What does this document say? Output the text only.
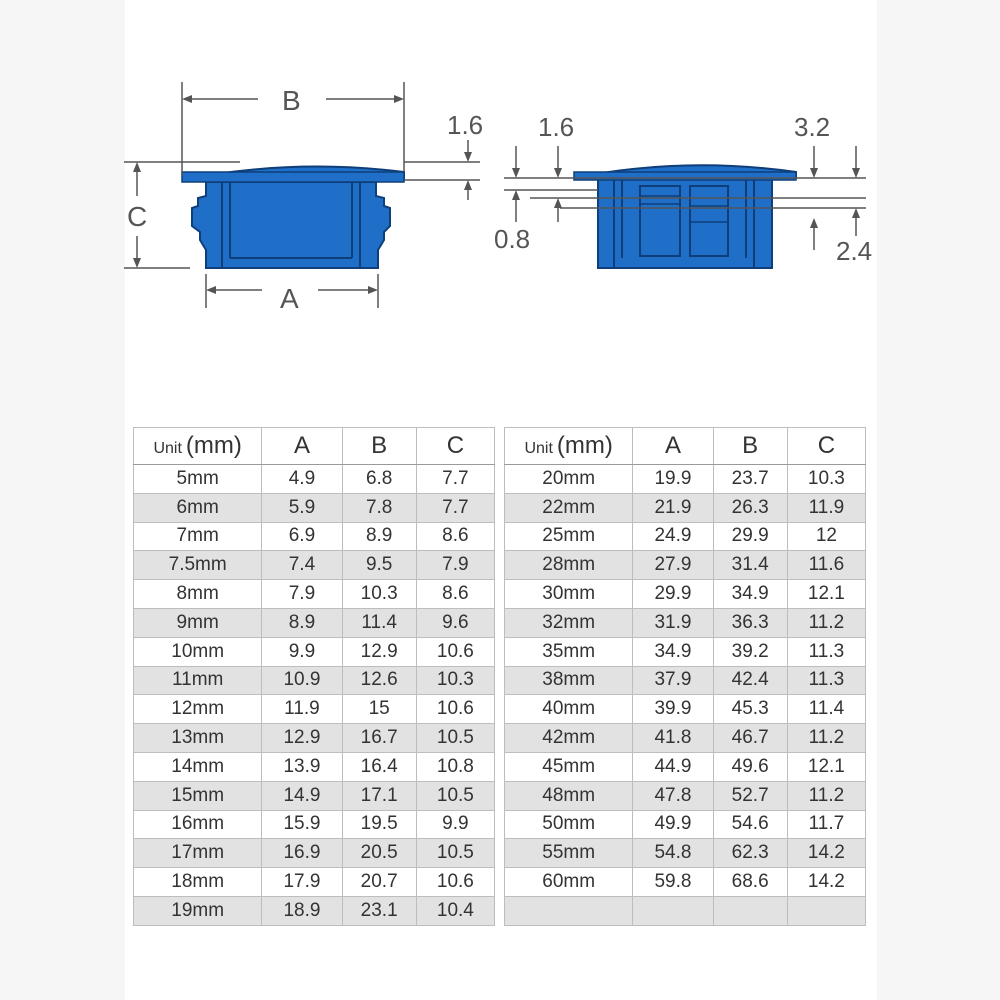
B
C
A
1.6 1.6	3.2
0.8	2.4
Unit (mm)	A	B	C
5mm	4.9	6.8	7.7
6mm	5.9	7.8	7.7
7mm	6.9	8.9	8.6
7.5mm	7.4	9.5	7.9
8mm	7.9	10.3	8.6
9mm	8.9	11.4	9.6
10mm	9.9	12.9	10.6
11mm	10.9	12.6	10.3
12mm	11.9	15	10.6
13mm	12.9	16.7	10.5
14mm	13.9	16.4	10.8
15mm	14.9	17.1	10.5
16mm	15.9	19.5	9.9
17mm	16.9	20.5	10.5
18mm	17.9	20.7	10.6
19mm	18.9	23.1	10.4
Unit (mm)	A	B	C
20mm	19.9	23.7	10.3
22mm	21.9	26.3	11.9
25mm	24.9	29.9	12
28mm	27.9	31.4	11.6
30mm	29.9	34.9	12.1
32mm	31.9	36.3	11.2
35mm	34.9	39.2	11.3
38mm	37.9	42.4	11.3
40mm	39.9	45.3	11.4
42mm	41.8	46.7	11.2
45mm	44.9	49.6	12.1
48mm	47.8	52.7	11.2
50mm	49.9	54.6	11.7
55mm	54.8	62.3	14.2
60mm	59.8	68.6	14.2
